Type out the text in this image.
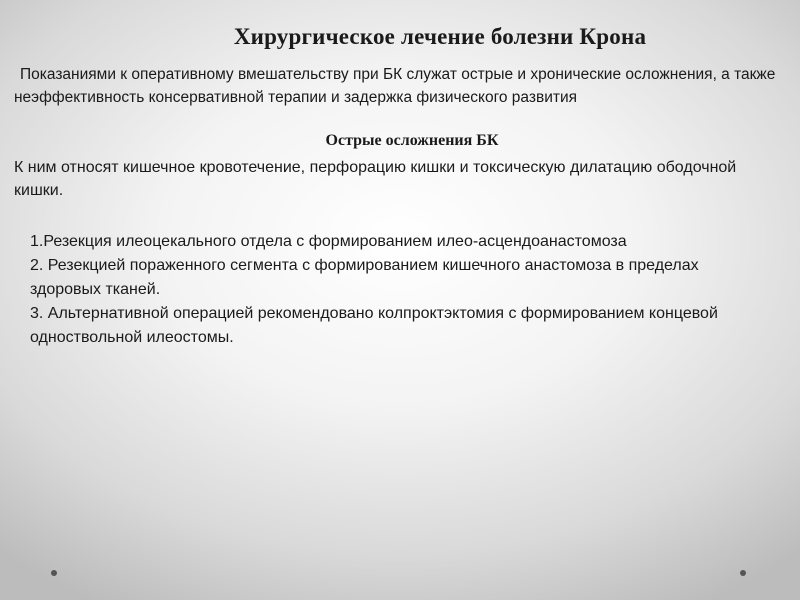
Хирургическое лечение болезни Крона
Показаниями к оперативному вмешательству при БК служат острые и хронические осложнения, а также неэффективность консервативной терапии и задержка физического развития
Острые осложнения БК
К ним относят кишечное кровотечение, перфорацию кишки и токсическую дилатацию ободочной кишки.

1.Резекция илеоцекального отдела с формированием илео-асцендоанастомоза

2. Резекцией пораженного сегмента с формированием кишечного анастомоза в пределах здоровых тканей.

3. Альтернативной операцией рекомендовано колпроктэктомия с формированием концевой одноствольной илеостомы.
